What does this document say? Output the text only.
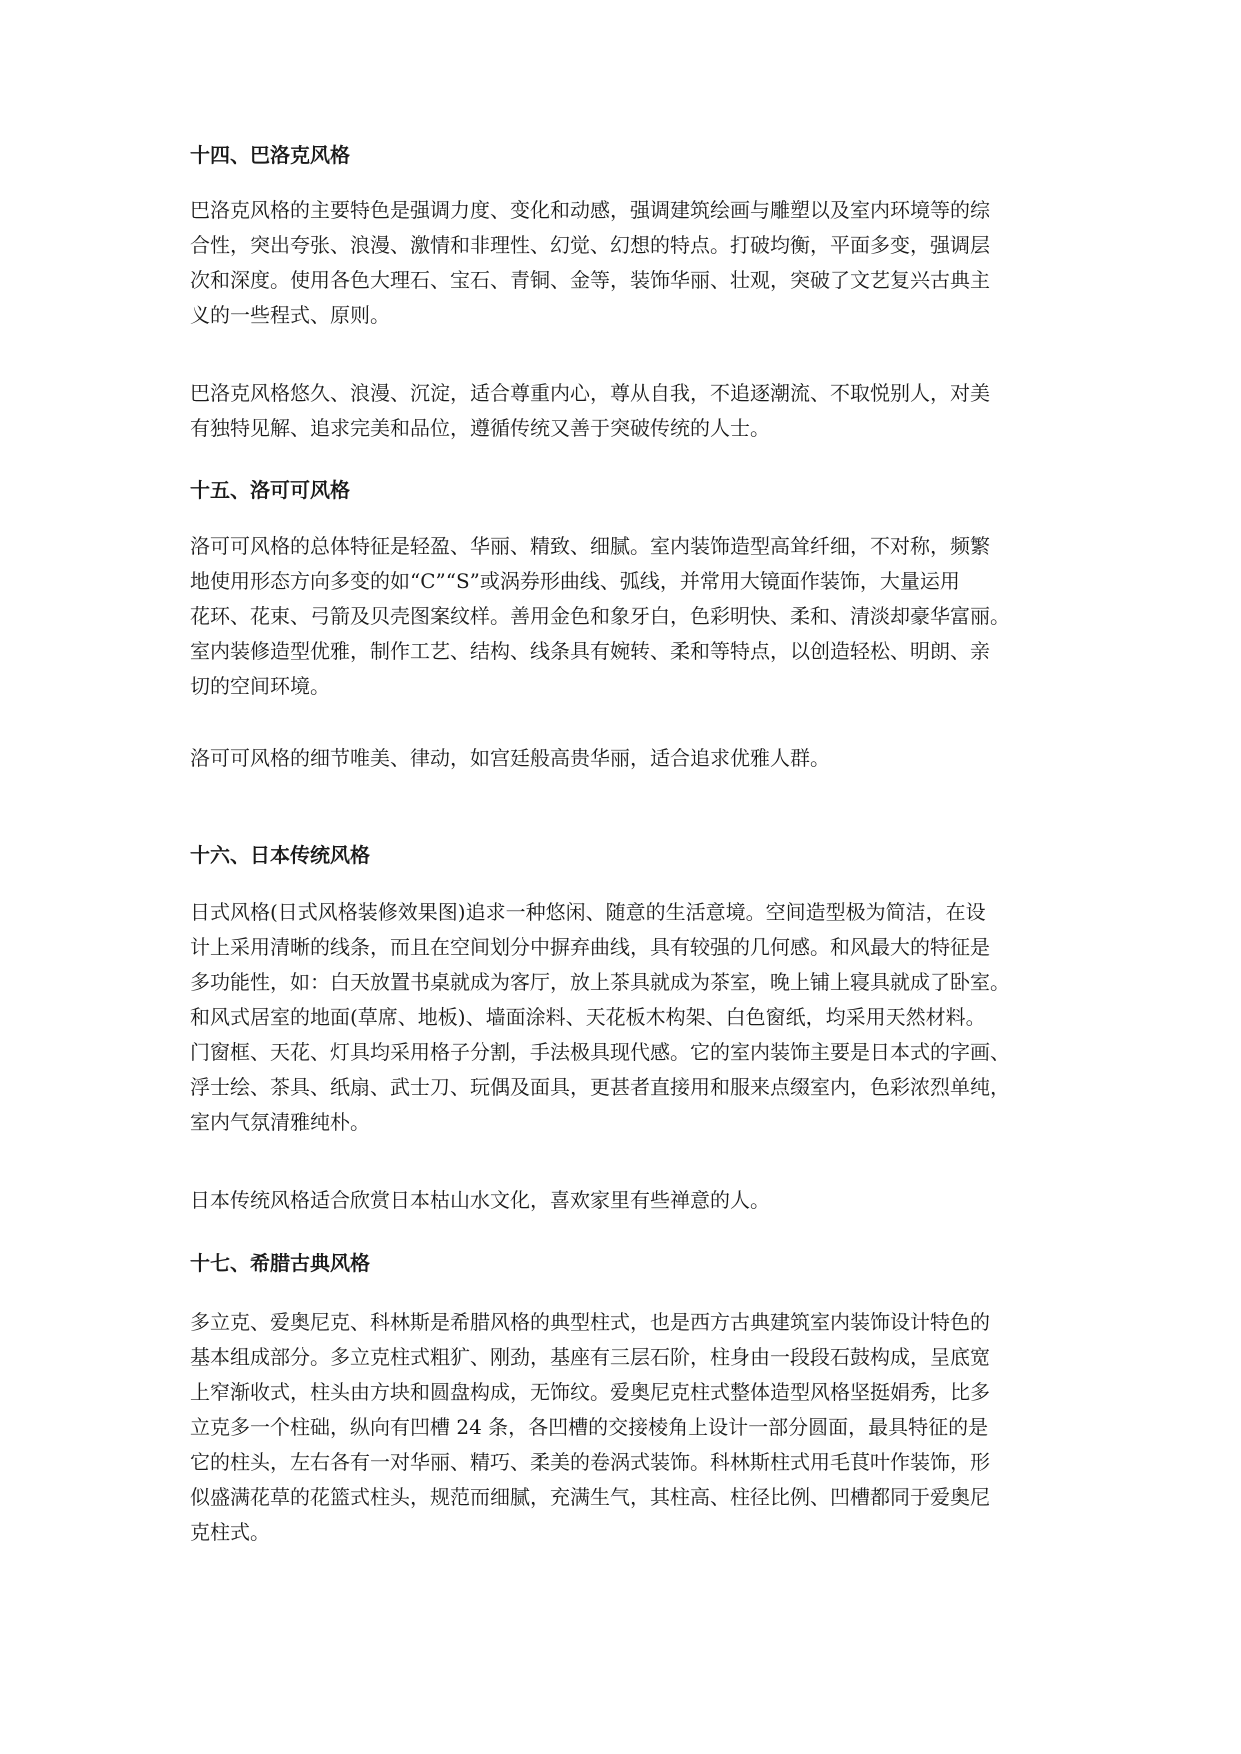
十四、巴洛克风格

巴洛克风格的主要特色是强调力度、变化和动感，强调建筑绘画与雕塑以及室内环境等的综
合性，突出夸张、浪漫、激情和非理性、幻觉、幻想的特点。打破均衡，平面多变，强调层
次和深度。使用各色大理石、宝石、青铜、金等，装饰华丽、壮观，突破了文艺复兴古典主
义的一些程式、原则。

巴洛克风格悠久、浪漫、沉淀，适合尊重内心，尊从自我，不追逐潮流、不取悦别人，对美
有独特见解、追求完美和品位，遵循传统又善于突破传统的人士。

十五、洛可可风格

洛可可风格的总体特征是轻盈、华丽、精致、细腻。室内装饰造型高耸纤细，不对称，频繁
地使用形态方向多变的如“C”“S”或涡券形曲线、弧线，并常用大镜面作装饰，大量运用
花环、花束、弓箭及贝壳图案纹样。善用金色和象牙白，色彩明快、柔和、清淡却豪华富丽。
室内装修造型优雅，制作工艺、结构、线条具有婉转、柔和等特点，以创造轻松、明朗、亲
切的空间环境。

洛可可风格的细节唯美、律动，如宫廷般高贵华丽，适合追求优雅人群。

十六、日本传统风格

日式风格(日式风格装修效果图)追求一种悠闲、随意的生活意境。空间造型极为简洁，在设
计上采用清晰的线条，而且在空间划分中摒弃曲线，具有较强的几何感。和风最大的特征是
多功能性，如：白天放置书桌就成为客厅，放上茶具就成为茶室，晚上铺上寝具就成了卧室。
和风式居室的地面(草席、地板)、墙面涂料、天花板木构架、白色窗纸，均采用天然材料。
门窗框、天花、灯具均采用格子分割，手法极具现代感。它的室内装饰主要是日本式的字画、
浮士绘、茶具、纸扇、武士刀、玩偶及面具，更甚者直接用和服来点缀室内，色彩浓烈单纯，
室内气氛清雅纯朴。

日本传统风格适合欣赏日本枯山水文化，喜欢家里有些禅意的人。

十七、希腊古典风格

多立克、爱奥尼克、科林斯是希腊风格的典型柱式，也是西方古典建筑室内装饰设计特色的
基本组成部分。多立克柱式粗犷、刚劲，基座有三层石阶，柱身由一段段石鼓构成，呈底宽
上窄渐收式，柱头由方块和圆盘构成，无饰纹。爱奥尼克柱式整体造型风格坚挺娟秀，比多
立克多一个柱础，纵向有凹槽 24 条，各凹槽的交接棱角上设计一部分圆面，最具特征的是
它的柱头，左右各有一对华丽、精巧、柔美的卷涡式装饰。科林斯柱式用毛茛叶作装饰，形
似盛满花草的花篮式柱头，规范而细腻，充满生气，其柱高、柱径比例、凹槽都同于爱奥尼
克柱式。
